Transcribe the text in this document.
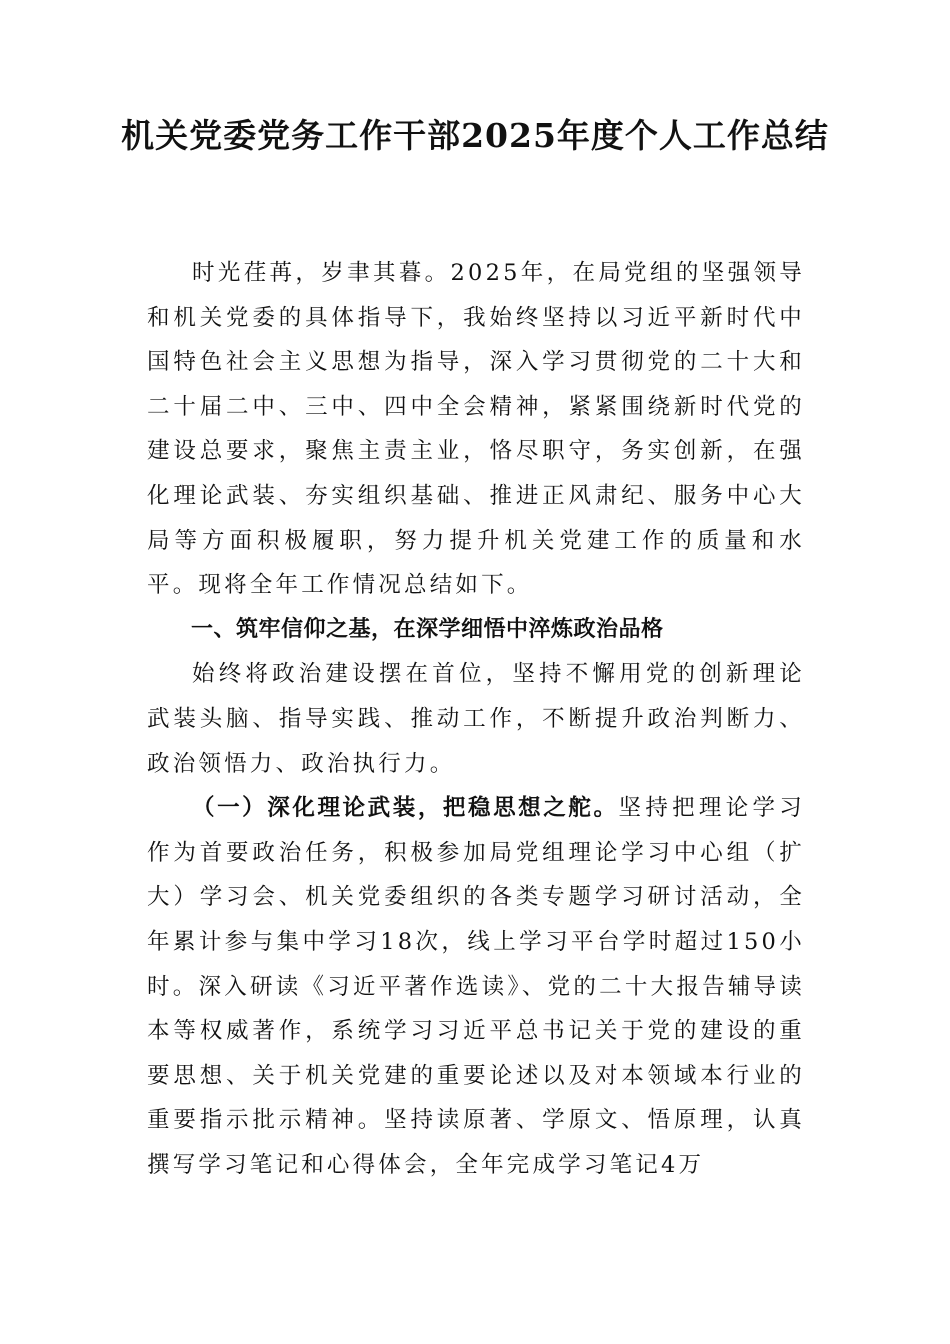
机关党委党务工作干部2025年度个人工作总结

时光荏苒，岁聿其暮。2025年，在局党组的坚强领导和机关党委的具体指导下，我始终坚持以习近平新时代中国特色社会主义思想为指导，深入学习贯彻党的二十大和二十届二中、三中、四中全会精神，紧紧围绕新时代党的建设总要求，聚焦主责主业，恪尽职守，务实创新，在强化理论武装、夯实组织基础、推进正风肃纪、服务中心大局等方面积极履职，努力提升机关党建工作的质量和水平。现将全年工作情况总结如下。

一、筑牢信仰之基，在深学细悟中淬炼政治品格

始终将政治建设摆在首位，坚持不懈用党的创新理论武装头脑、指导实践、推动工作，不断提升政治判断力、政治领悟力、政治执行力。

（一）深化理论武装，把稳思想之舵。坚持把理论学习作为首要政治任务，积极参加局党组理论学习中心组（扩大）学习会、机关党委组织的各类专题学习研讨活动，全年累计参与集中学习18次，线上学习平台学时超过150小时。深入研读《习近平著作选读》、党的二十大报告辅导读本等权威著作，系统学习习近平总书记关于党的建设的重要思想、关于机关党建的重要论述以及对本领域本行业的重要指示批示精神。坚持读原著、学原文、悟原理，认真撰写学习笔记和心得体会，全年完成学习笔记4万
